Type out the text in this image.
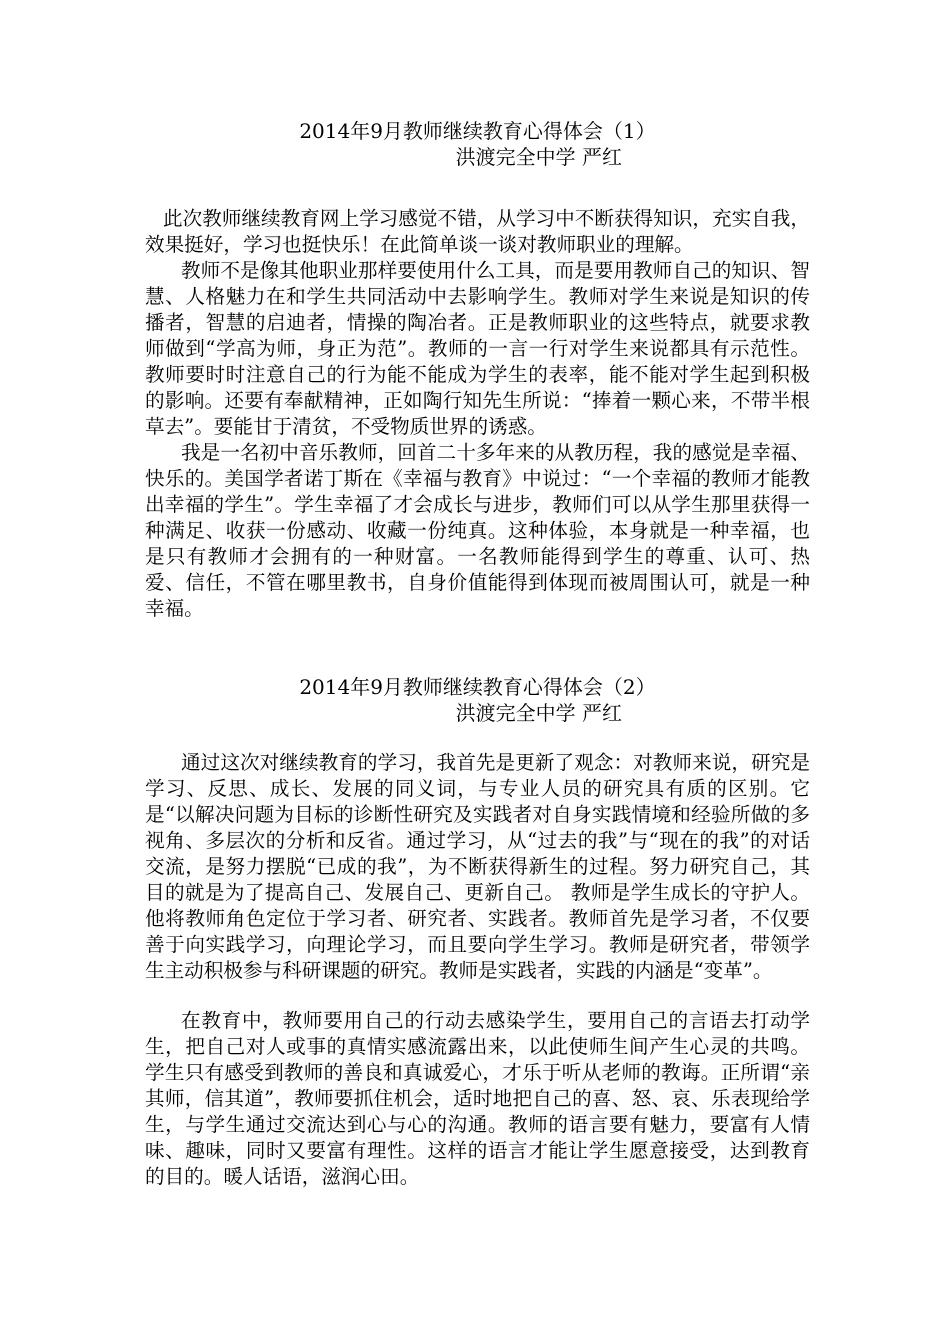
2014年9月教师继续教育心得体会（1）

洪渡完全中学 严红

此次教师继续教育网上学习感觉不错，从学习中不断获得知识，充实自我，效果挺好，学习也挺快乐！在此简单谈一谈对教师职业的理解。

教师不是像其他职业那样要使用什么工具，而是要用教师自己的知识、智慧、人格魅力在和学生共同活动中去影响学生。教师对学生来说是知识的传播者，智慧的启迪者，情操的陶冶者。正是教师职业的这些特点，就要求教师做到“学高为师，身正为范”。教师的一言一行对学生来说都具有示范性。教师要时时注意自己的行为能不能成为学生的表率，能不能对学生起到积极的影响。还要有奉献精神，正如陶行知先生所说：“捧着一颗心来，不带半根草去”。要能甘于清贫，不受物质世界的诱惑。

我是一名初中音乐教师，回首二十多年来的从教历程，我的感觉是幸福、快乐的。美国学者诺丁斯在《幸福与教育》中说过：“一个幸福的教师才能教出幸福的学生”。学生幸福了才会成长与进步，教师们可以从学生那里获得一种满足、收获一份感动、收藏一份纯真。这种体验，本身就是一种幸福，也是只有教师才会拥有的一种财富。一名教师能得到学生的尊重、认可、热爱、信任，不管在哪里教书，自身价值能得到体现而被周围认可，就是一种幸福。

2014年9月教师继续教育心得体会（2）

洪渡完全中学 严红

通过这次对继续教育的学习，我首先是更新了观念：对教师来说，研究是学习、反思、成长、发展的同义词，与专业人员的研究具有质的区别。它是“以解决问题为目标的诊断性研究及实践者对自身实践情境和经验所做的多视角、多层次的分析和反省。通过学习，从“过去的我”与“现在的我”的对话交流，是努力摆脱“已成的我”，为不断获得新生的过程。努力研究自己，其目的就是为了提高自己、发展自己、更新自己。 教师是学生成长的守护人。他将教师角色定位于学习者、研究者、实践者。教师首先是学习者，不仅要善于向实践学习，向理论学习，而且要向学生学习。教师是研究者，带领学生主动积极参与科研课题的研究。教师是实践者，实践的内涵是“变革”。

在教育中，教师要用自己的行动去感染学生，要用自己的言语去打动学生，把自己对人或事的真情实感流露出来，以此使师生间产生心灵的共鸣。学生只有感受到教师的善良和真诚爱心，才乐于听从老师的教诲。正所谓“亲其师，信其道”，教师要抓住机会，适时地把自己的喜、怒、哀、乐表现给学生，与学生通过交流达到心与心的沟通。教师的语言要有魅力，要富有人情味、趣味，同时又要富有理性。这样的语言才能让学生愿意接受，达到教育的目的。暖人话语，滋润心田。
